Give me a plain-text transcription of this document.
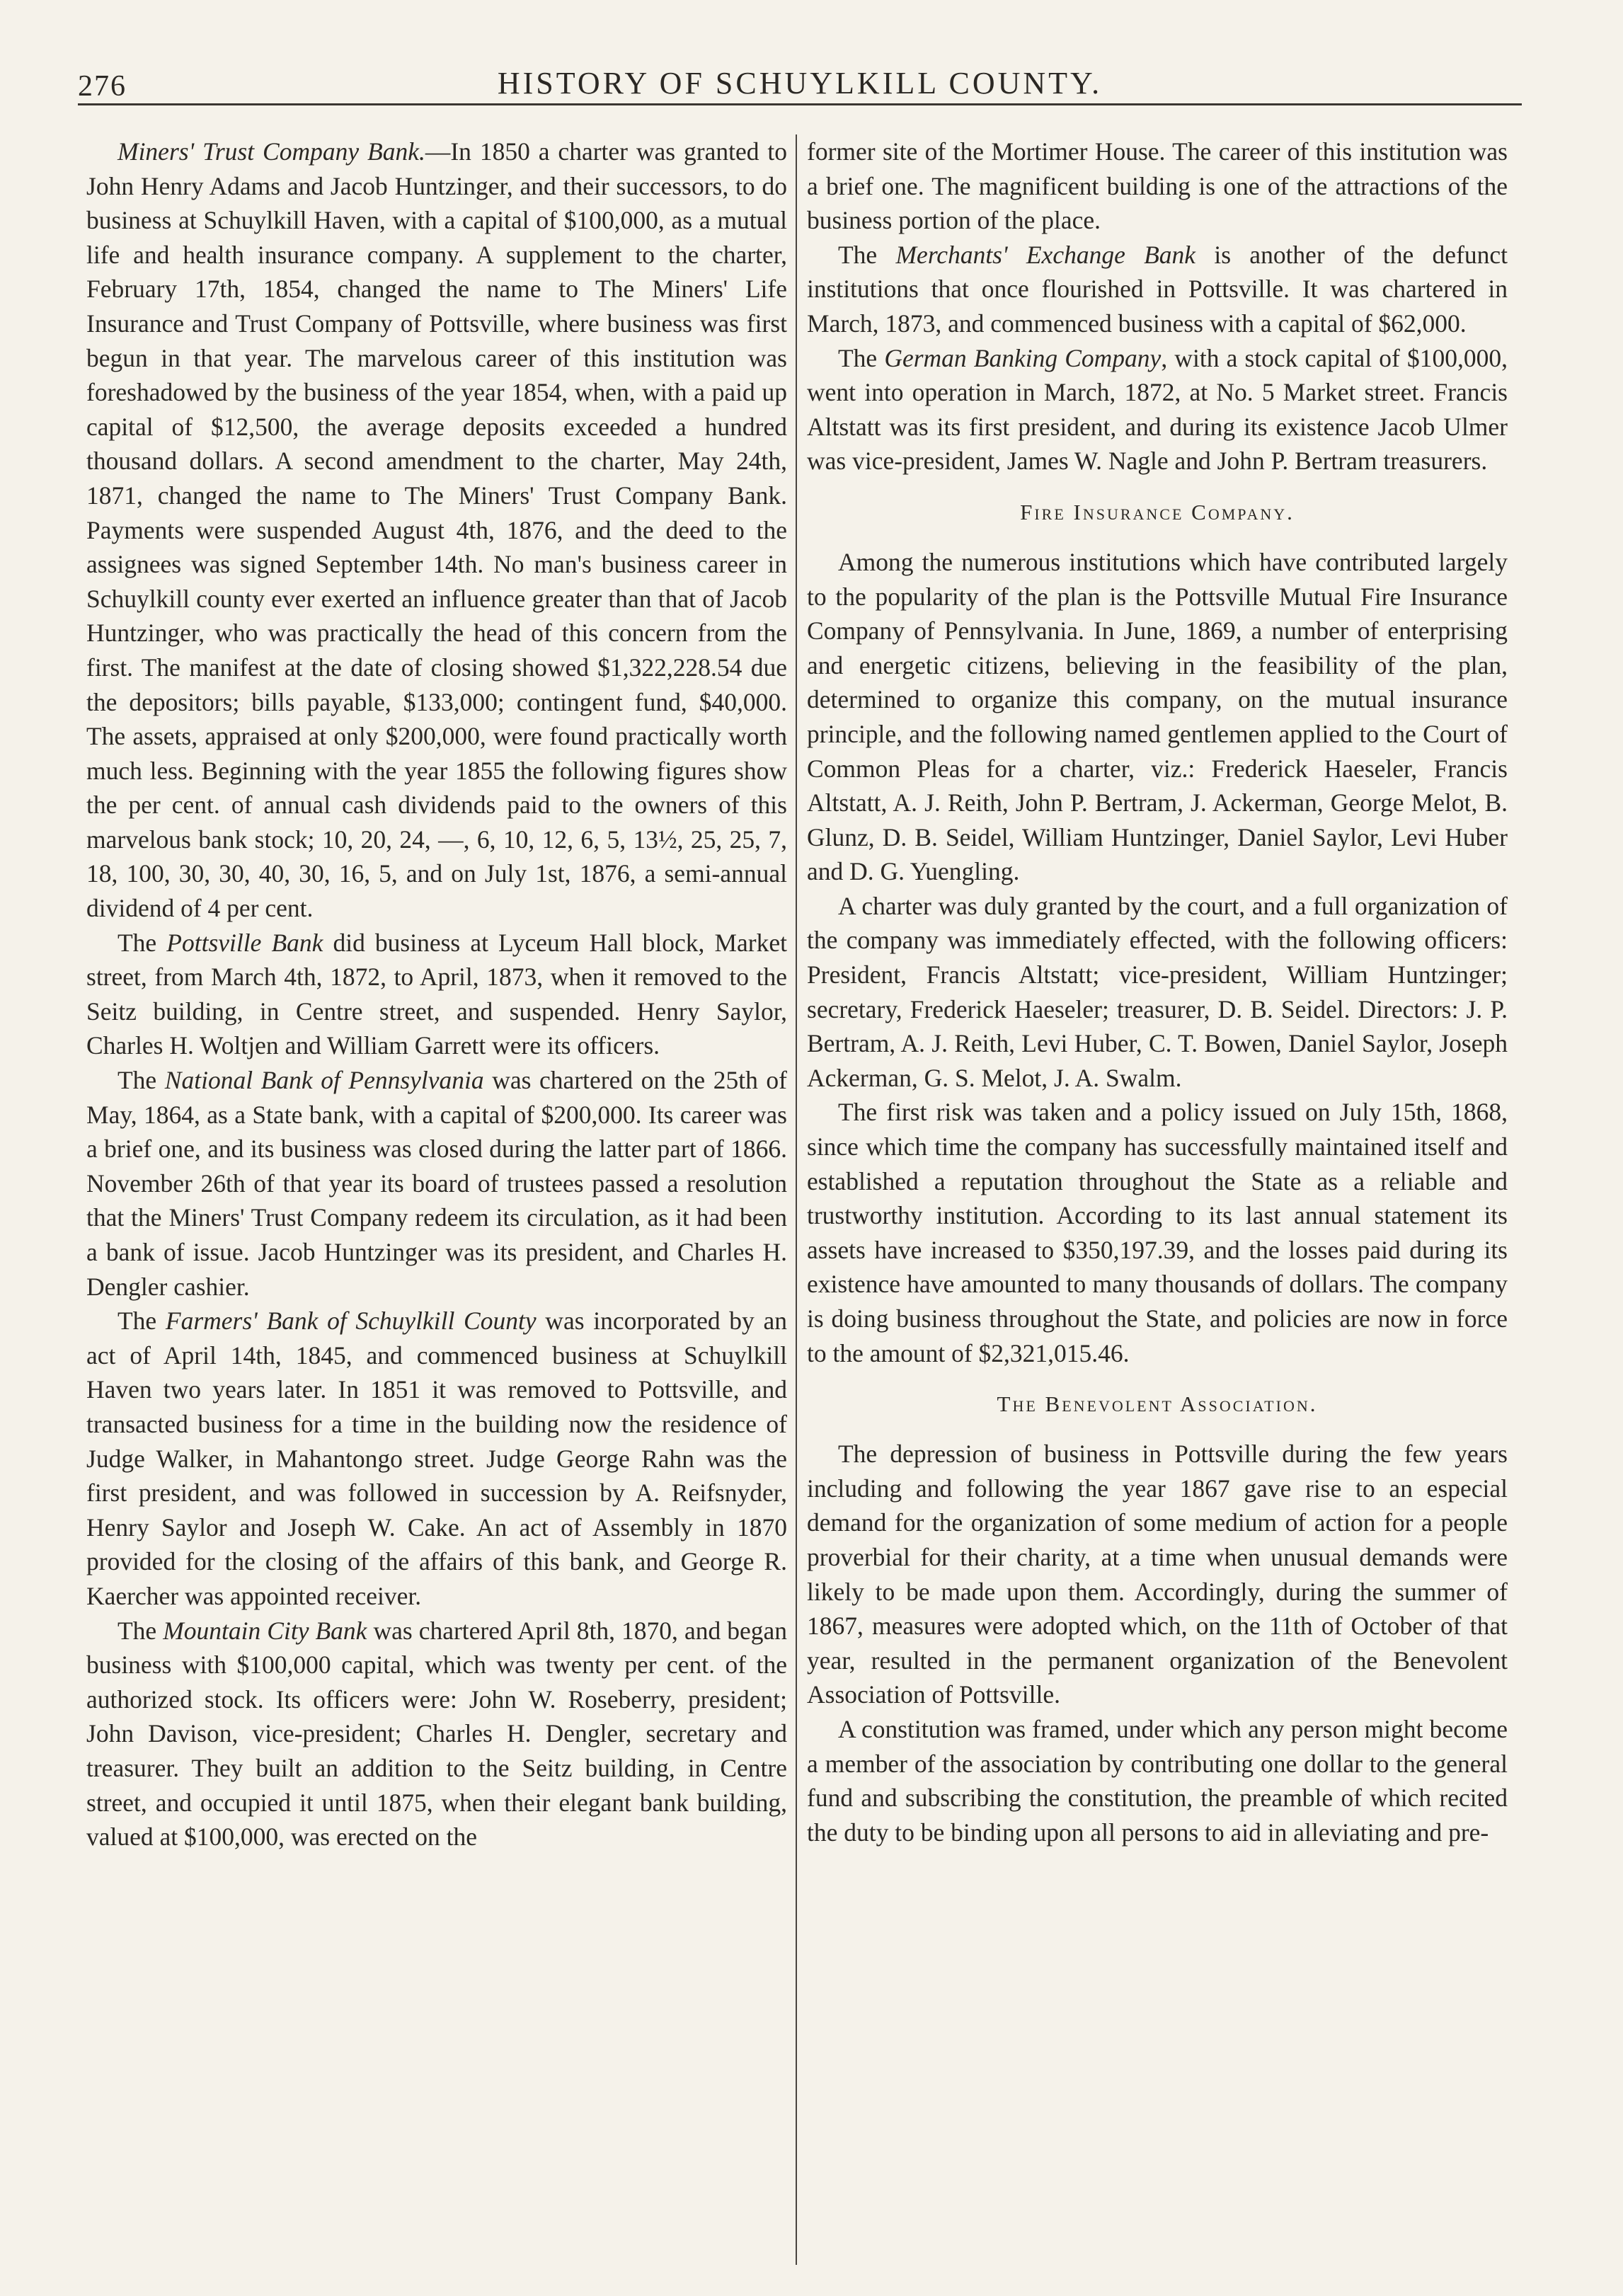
276	HISTORY OF SCHUYLKILL COUNTY.

Miners' Trust Company Bank.—In 1850 a charter was granted to John Henry Adams and Jacob Huntzinger, and their successors, to do business at Schuylkill Haven, with a capital of $100,000, as a mutual life and health insurance company. A supplement to the charter, February 17th, 1854, changed the name to The Miners' Life Insurance and Trust Company of Pottsville, where business was first begun in that year. The marvelous career of this institution was foreshadowed by the business of the year 1854, when, with a paid up capital of $12,500, the average deposits exceeded a hundred thousand dollars. A second amendment to the charter, May 24th, 1871, changed the name to The Miners' Trust Company Bank. Payments were suspended August 4th, 1876, and the deed to the assignees was signed September 14th. No man's business career in Schuylkill county ever exerted an influence greater than that of Jacob Huntzinger, who was practically the head of this concern from the first. The manifest at the date of closing showed $1,322,228.54 due the depositors; bills payable, $133,000; contingent fund, $40,000. The assets, appraised at only $200,000, were found practically worth much less. Beginning with the year 1855 the following figures show the per cent. of annual cash dividends paid to the owners of this marvelous bank stock; 10, 20, 24, —, 6, 10, 12, 6, 5, 13½, 25, 25, 7, 18, 100, 30, 30, 40, 30, 16, 5, and on July 1st, 1876, a semi-annual dividend of 4 per cent.

The Pottsville Bank did business at Lyceum Hall block, Market street, from March 4th, 1872, to April, 1873, when it removed to the Seitz building, in Centre street, and suspended. Henry Saylor, Charles H. Woltjen and William Garrett were its officers.

The National Bank of Pennsylvania was chartered on the 25th of May, 1864, as a State bank, with a capital of $200,000. Its career was a brief one, and its business was closed during the latter part of 1866. November 26th of that year its board of trustees passed a resolution that the Miners' Trust Company redeem its circulation, as it had been a bank of issue. Jacob Huntzinger was its president, and Charles H. Dengler cashier.

The Farmers' Bank of Schuylkill County was incorporated by an act of April 14th, 1845, and commenced business at Schuylkill Haven two years later. In 1851 it was removed to Pottsville, and transacted business for a time in the building now the residence of Judge Walker, in Mahantongo street. Judge George Rahn was the first president, and was followed in succession by A. Reifsnyder, Henry Saylor and Joseph W. Cake. An act of Assembly in 1870 provided for the closing of the affairs of this bank, and George R. Kaercher was appointed receiver.

The Mountain City Bank was chartered April 8th, 1870, and began business with $100,000 capital, which was twenty per cent. of the authorized stock. Its officers were: John W. Roseberry, president; John Davison, vice-president; Charles H. Dengler, secretary and treasurer. They built an addition to the Seitz building, in Centre street, and occupied it until 1875, when their elegant bank building, valued at $100,000, was erected on the

former site of the Mortimer House. The career of this institution was a brief one. The magnificent building is one of the attractions of the business portion of the place.

The Merchants' Exchange Bank is another of the defunct institutions that once flourished in Pottsville. It was chartered in March, 1873, and commenced business with a capital of $62,000.

The German Banking Company, with a stock capital of $100,000, went into operation in March, 1872, at No. 5 Market street. Francis Altstatt was its first president, and during its existence Jacob Ulmer was vice-president, James W. Nagle and John P. Bertram treasurers.

Fire Insurance Company.

Among the numerous institutions which have contributed largely to the popularity of the plan is the Pottsville Mutual Fire Insurance Company of Pennsylvania. In June, 1869, a number of enterprising and energetic citizens, believing in the feasibility of the plan, determined to organize this company, on the mutual insurance principle, and the following named gentlemen applied to the Court of Common Pleas for a charter, viz.: Frederick Haeseler, Francis Altstatt, A. J. Reith, John P. Bertram, J. Ackerman, George Melot, B. Glunz, D. B. Seidel, William Huntzinger, Daniel Saylor, Levi Huber and D. G. Yuengling.

A charter was duly granted by the court, and a full organization of the company was immediately effected, with the following officers: President, Francis Altstatt; vice-president, William Huntzinger; secretary, Frederick Haeseler; treasurer, D. B. Seidel. Directors: J. P. Bertram, A. J. Reith, Levi Huber, C. T. Bowen, Daniel Saylor, Joseph Ackerman, G. S. Melot, J. A. Swalm.

The first risk was taken and a policy issued on July 15th, 1868, since which time the company has successfully maintained itself and established a reputation throughout the State as a reliable and trustworthy institution. According to its last annual statement its assets have increased to $350,197.39, and the losses paid during its existence have amounted to many thousands of dollars. The company is doing business throughout the State, and policies are now in force to the amount of $2,321,015.46.

The Benevolent Association.

The depression of business in Pottsville during the few years including and following the year 1867 gave rise to an especial demand for the organization of some medium of action for a people proverbial for their charity, at a time when unusual demands were likely to be made upon them. Accordingly, during the summer of 1867, measures were adopted which, on the 11th of October of that year, resulted in the permanent organization of the Benevolent Association of Pottsville.

A constitution was framed, under which any person might become a member of the association by contributing one dollar to the general fund and subscribing the constitution, the preamble of which recited the duty to be binding upon all persons to aid in alleviating and pre-
